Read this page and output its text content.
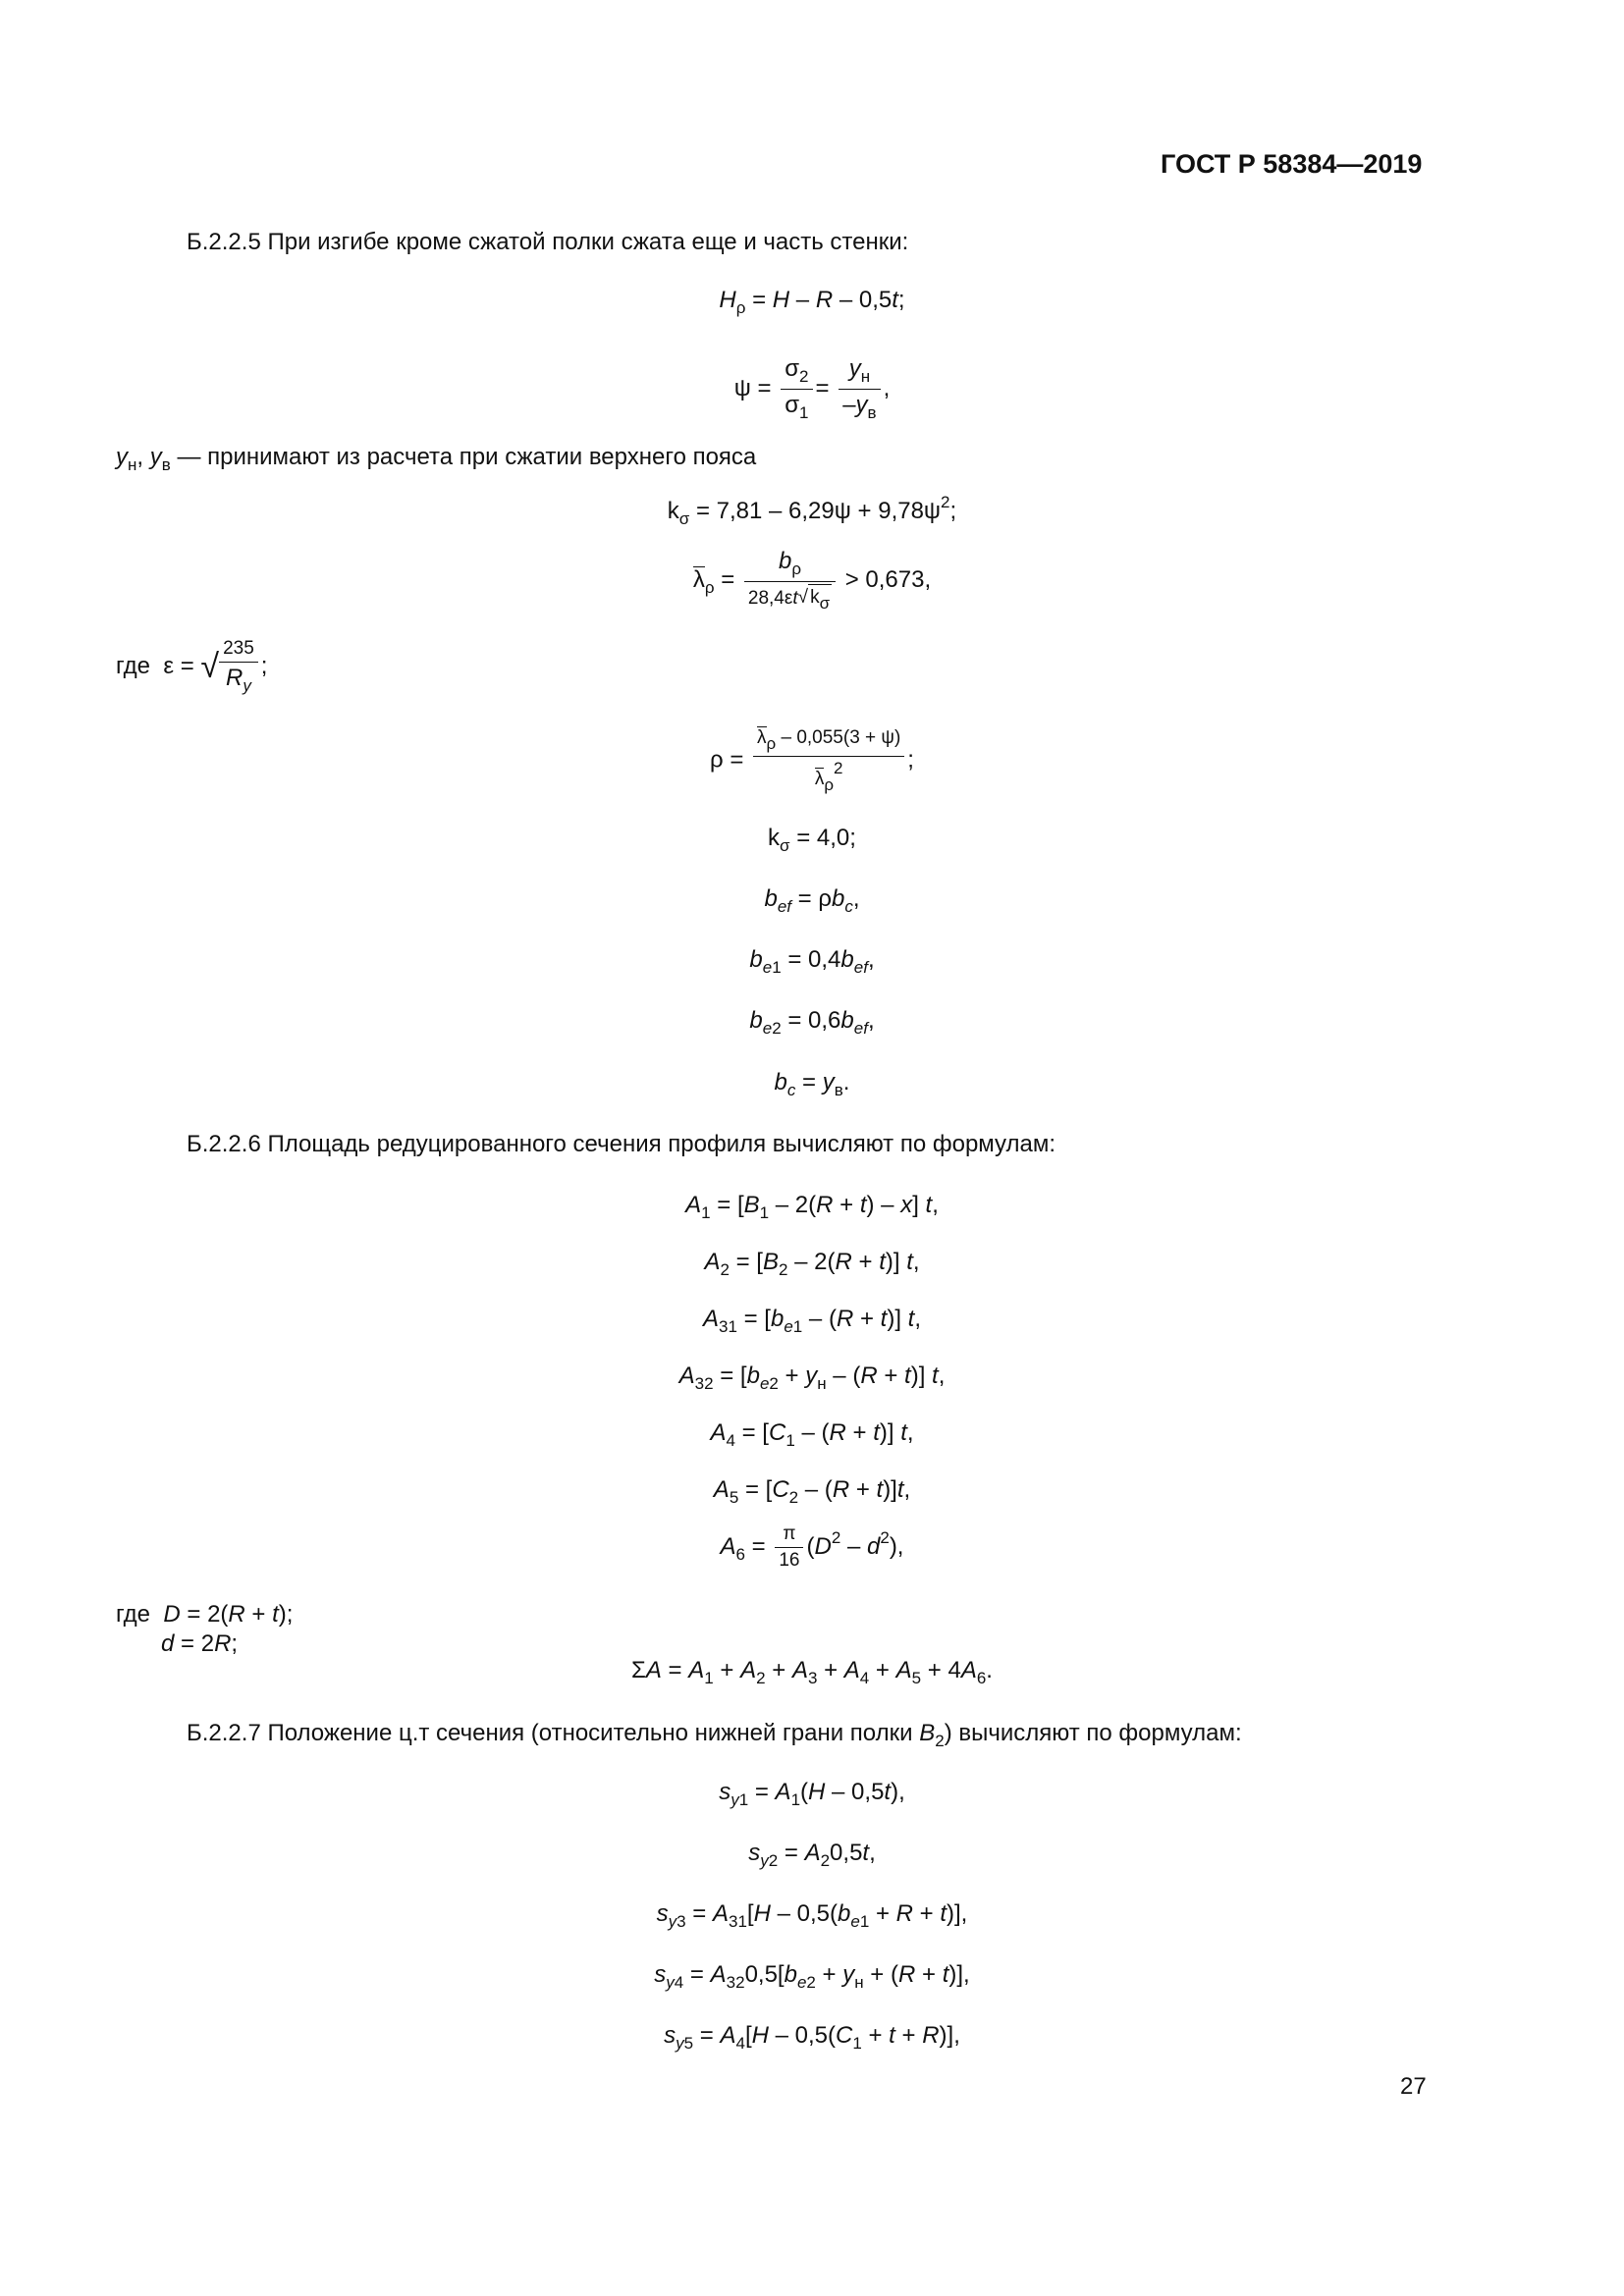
ГОСТ Р 58384—2019
Б.2.2.5 При изгибе кроме сжатой полки сжата еще и часть стенки:
$H_\rho = H - R - 0,5t$;
$\psi = \frac{\sigma_2}{\sigma_1} = \frac{y_н}{-y_в}$ ,
$y_н$, $y_в$ — принимают из расчета при сжатии верхнего пояса
$k_\sigma = 7,81 - 6,29\psi + 9,78\psi^2$;
$\lambda_\rho = \frac{b_\rho}{28,4\varepsilon t√ k\sigma} > 0,673$,
где  ε = √ $\frac{235}{R_y}$ ;
$\rho = \frac{\lambda\rho - 0,055(3 + \psi)}{\lambda\rho 2}$ ;
$k_\sigma = 4,0$;
$b_{ef} = \rho b_c$,
$b_{e1} = 0,4b_{ef}$,
$b_{e2} = 0,6b_{ef}$,
$b_c = y_в$.
Б.2.2.6 Площадь редуцированного сечения профиля вычисляют по формулам:
$A_1 = [B_1 - 2(R + t) - x]$ t,
$A_2 = [B_2 - 2(R + t)]$ t,
$A_{31} = [b_{e1} - (R + t)]$ t,
$A_{32} = [b_{e2} + y_н - (R + t)]$ t,
$A_4 = [C_1 - (R + t)]$ t,
$A_5 = [C_2 - (R + t)]t$,
$A_6 = \frac{\pi}{16} (D^2 - d^2)$,
где D = 2(R + t);
d = 2R;
$\Sigma A = A_1 + A_2 + A_3 + A_4 + A_5 + 4A_6$.
Б.2.2.7 Положение ц.т сечения (относительно нижней грани полки $B_2$) вычисляют по формулам:
$s_{y1} = A_1(H - 0,5t)$,
$s_{y2} = A_20,5t$,
$s_{y3} = A_{31}[H - 0,5(b_{e1} + R + t)]$,
$s_{y4} = A_{32}0,5[b_{e2} + y_н + (R + t)]$,
$s_{y5} = A_4[H - 0,5(C_1 + t + R)]$,
27
